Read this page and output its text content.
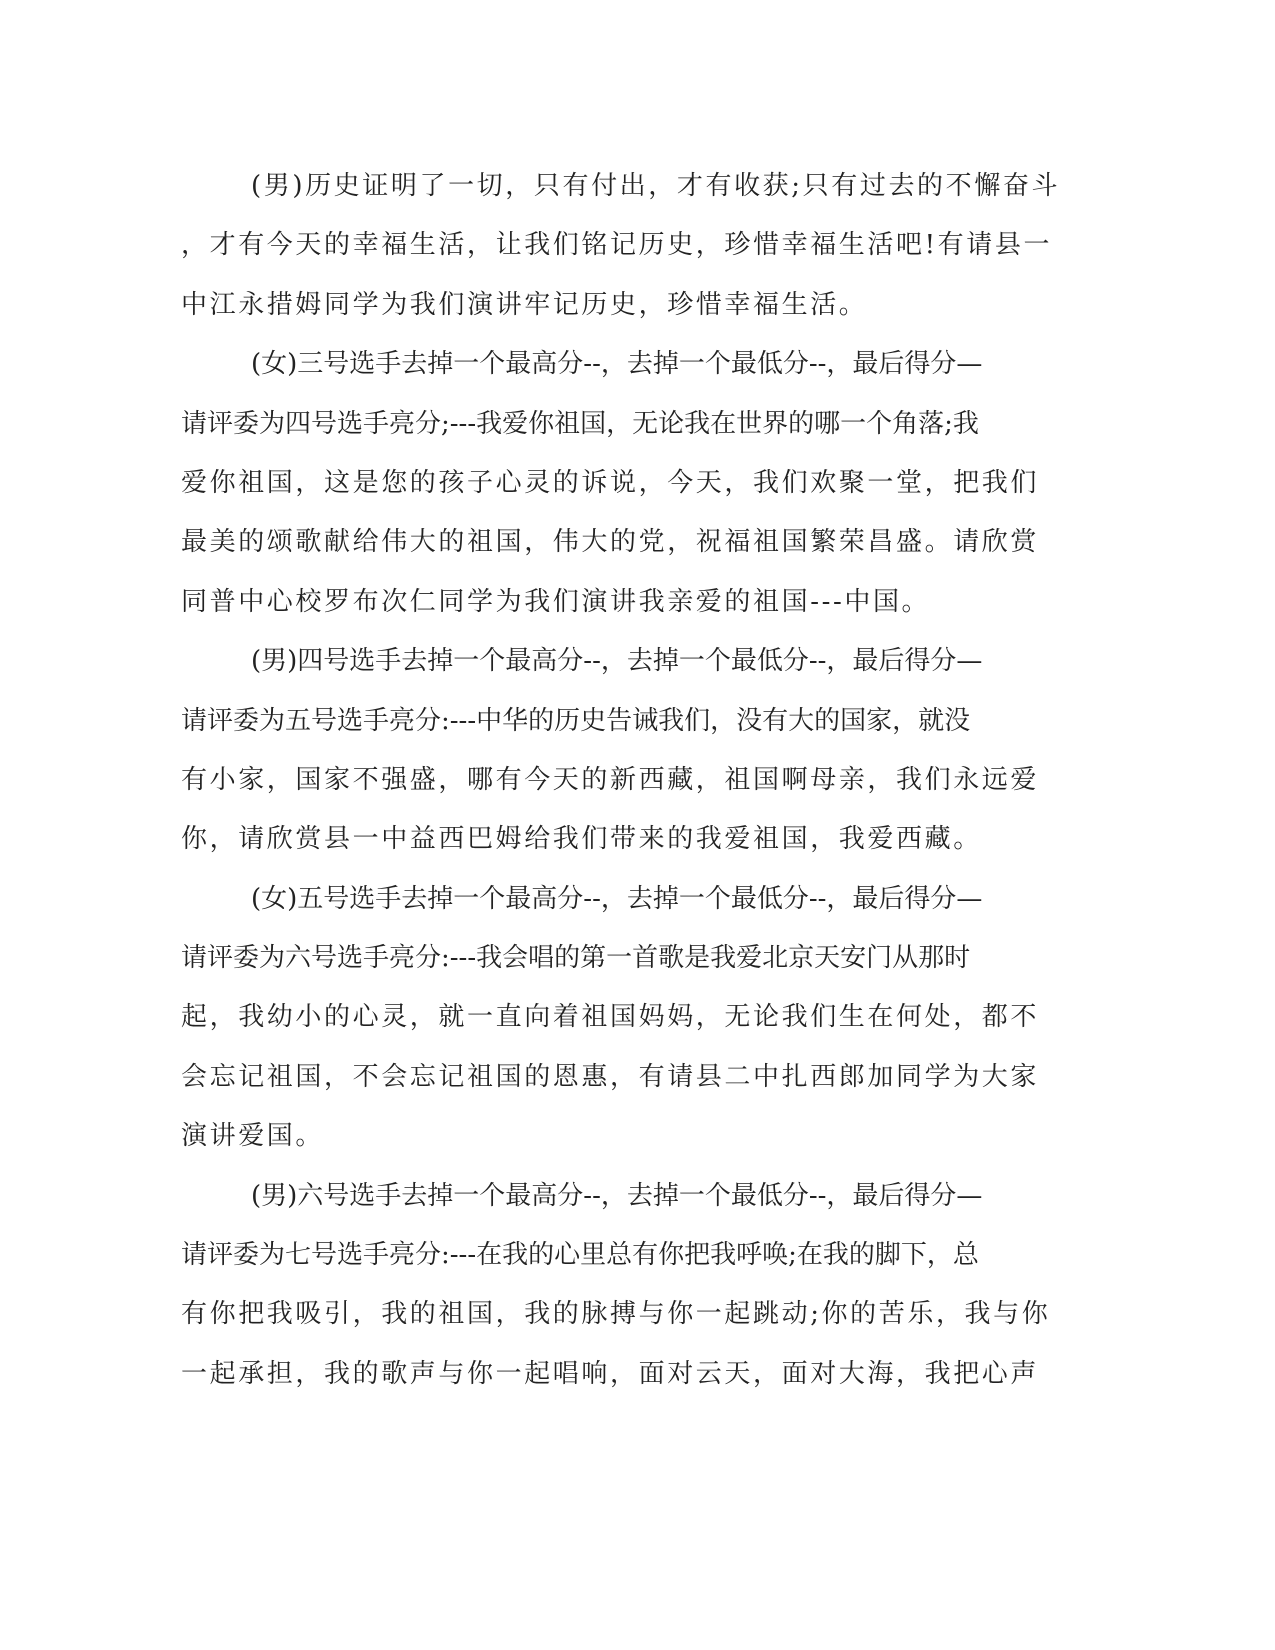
(男)历史证明了一切，只有付出，才有收获;只有过去的不懈奋斗
，才有今天的幸福生活，让我们铭记历史，珍惜幸福生活吧!有请县一
中江永措姆同学为我们演讲牢记历史，珍惜幸福生活。
(女)三号选手去掉一个最高分--，去掉一个最低分--，最后得分—
请评委为四号选手亮分;---我爱你祖国，无论我在世界的哪一个角落;我
爱你祖国，这是您的孩子心灵的诉说，今天，我们欢聚一堂，把我们
最美的颂歌献给伟大的祖国，伟大的党，祝福祖国繁荣昌盛。请欣赏
同普中心校罗布次仁同学为我们演讲我亲爱的祖国---中国。
(男)四号选手去掉一个最高分--，去掉一个最低分--，最后得分—
请评委为五号选手亮分:---中华的历史告诫我们，没有大的国家，就没
有小家，国家不强盛，哪有今天的新西藏，祖国啊母亲，我们永远爱
你，请欣赏县一中益西巴姆给我们带来的我爱祖国，我爱西藏。
(女)五号选手去掉一个最高分--，去掉一个最低分--，最后得分—
请评委为六号选手亮分:---我会唱的第一首歌是我爱北京天安门从那时
起，我幼小的心灵，就一直向着祖国妈妈，无论我们生在何处，都不
会忘记祖国，不会忘记祖国的恩惠，有请县二中扎西郎加同学为大家
演讲爱国。
(男)六号选手去掉一个最高分--，去掉一个最低分--，最后得分—
请评委为七号选手亮分:---在我的心里总有你把我呼唤;在我的脚下，总
有你把我吸引，我的祖国，我的脉搏与你一起跳动;你的苦乐，我与你
一起承担，我的歌声与你一起唱响，面对云天，面对大海，我把心声
